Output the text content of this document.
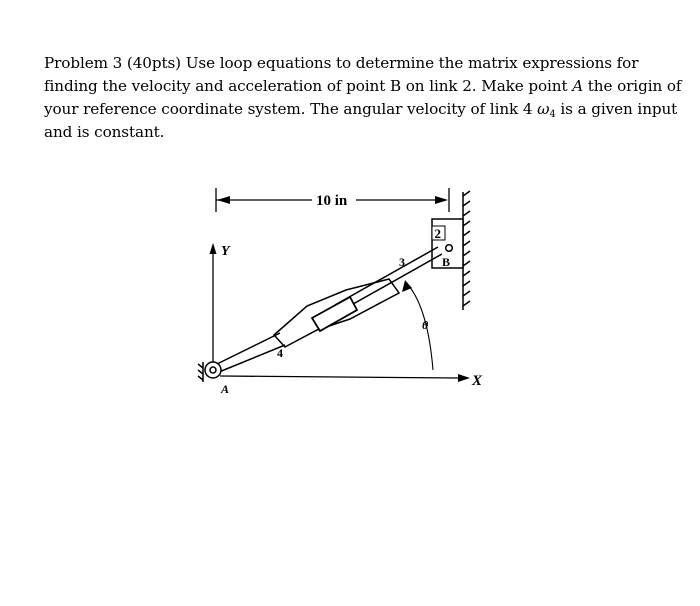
Problem 3 (40pts) Use loop equations to determine the matrix expressions for finding the velocity and acceleration of point B on link 2. Make point A the origin of your reference coordinate system. The angular velocity of link 4 $\omega_4$ is a given input and is constant.
10 in
Y
X
2
B
4
3
θ
A
